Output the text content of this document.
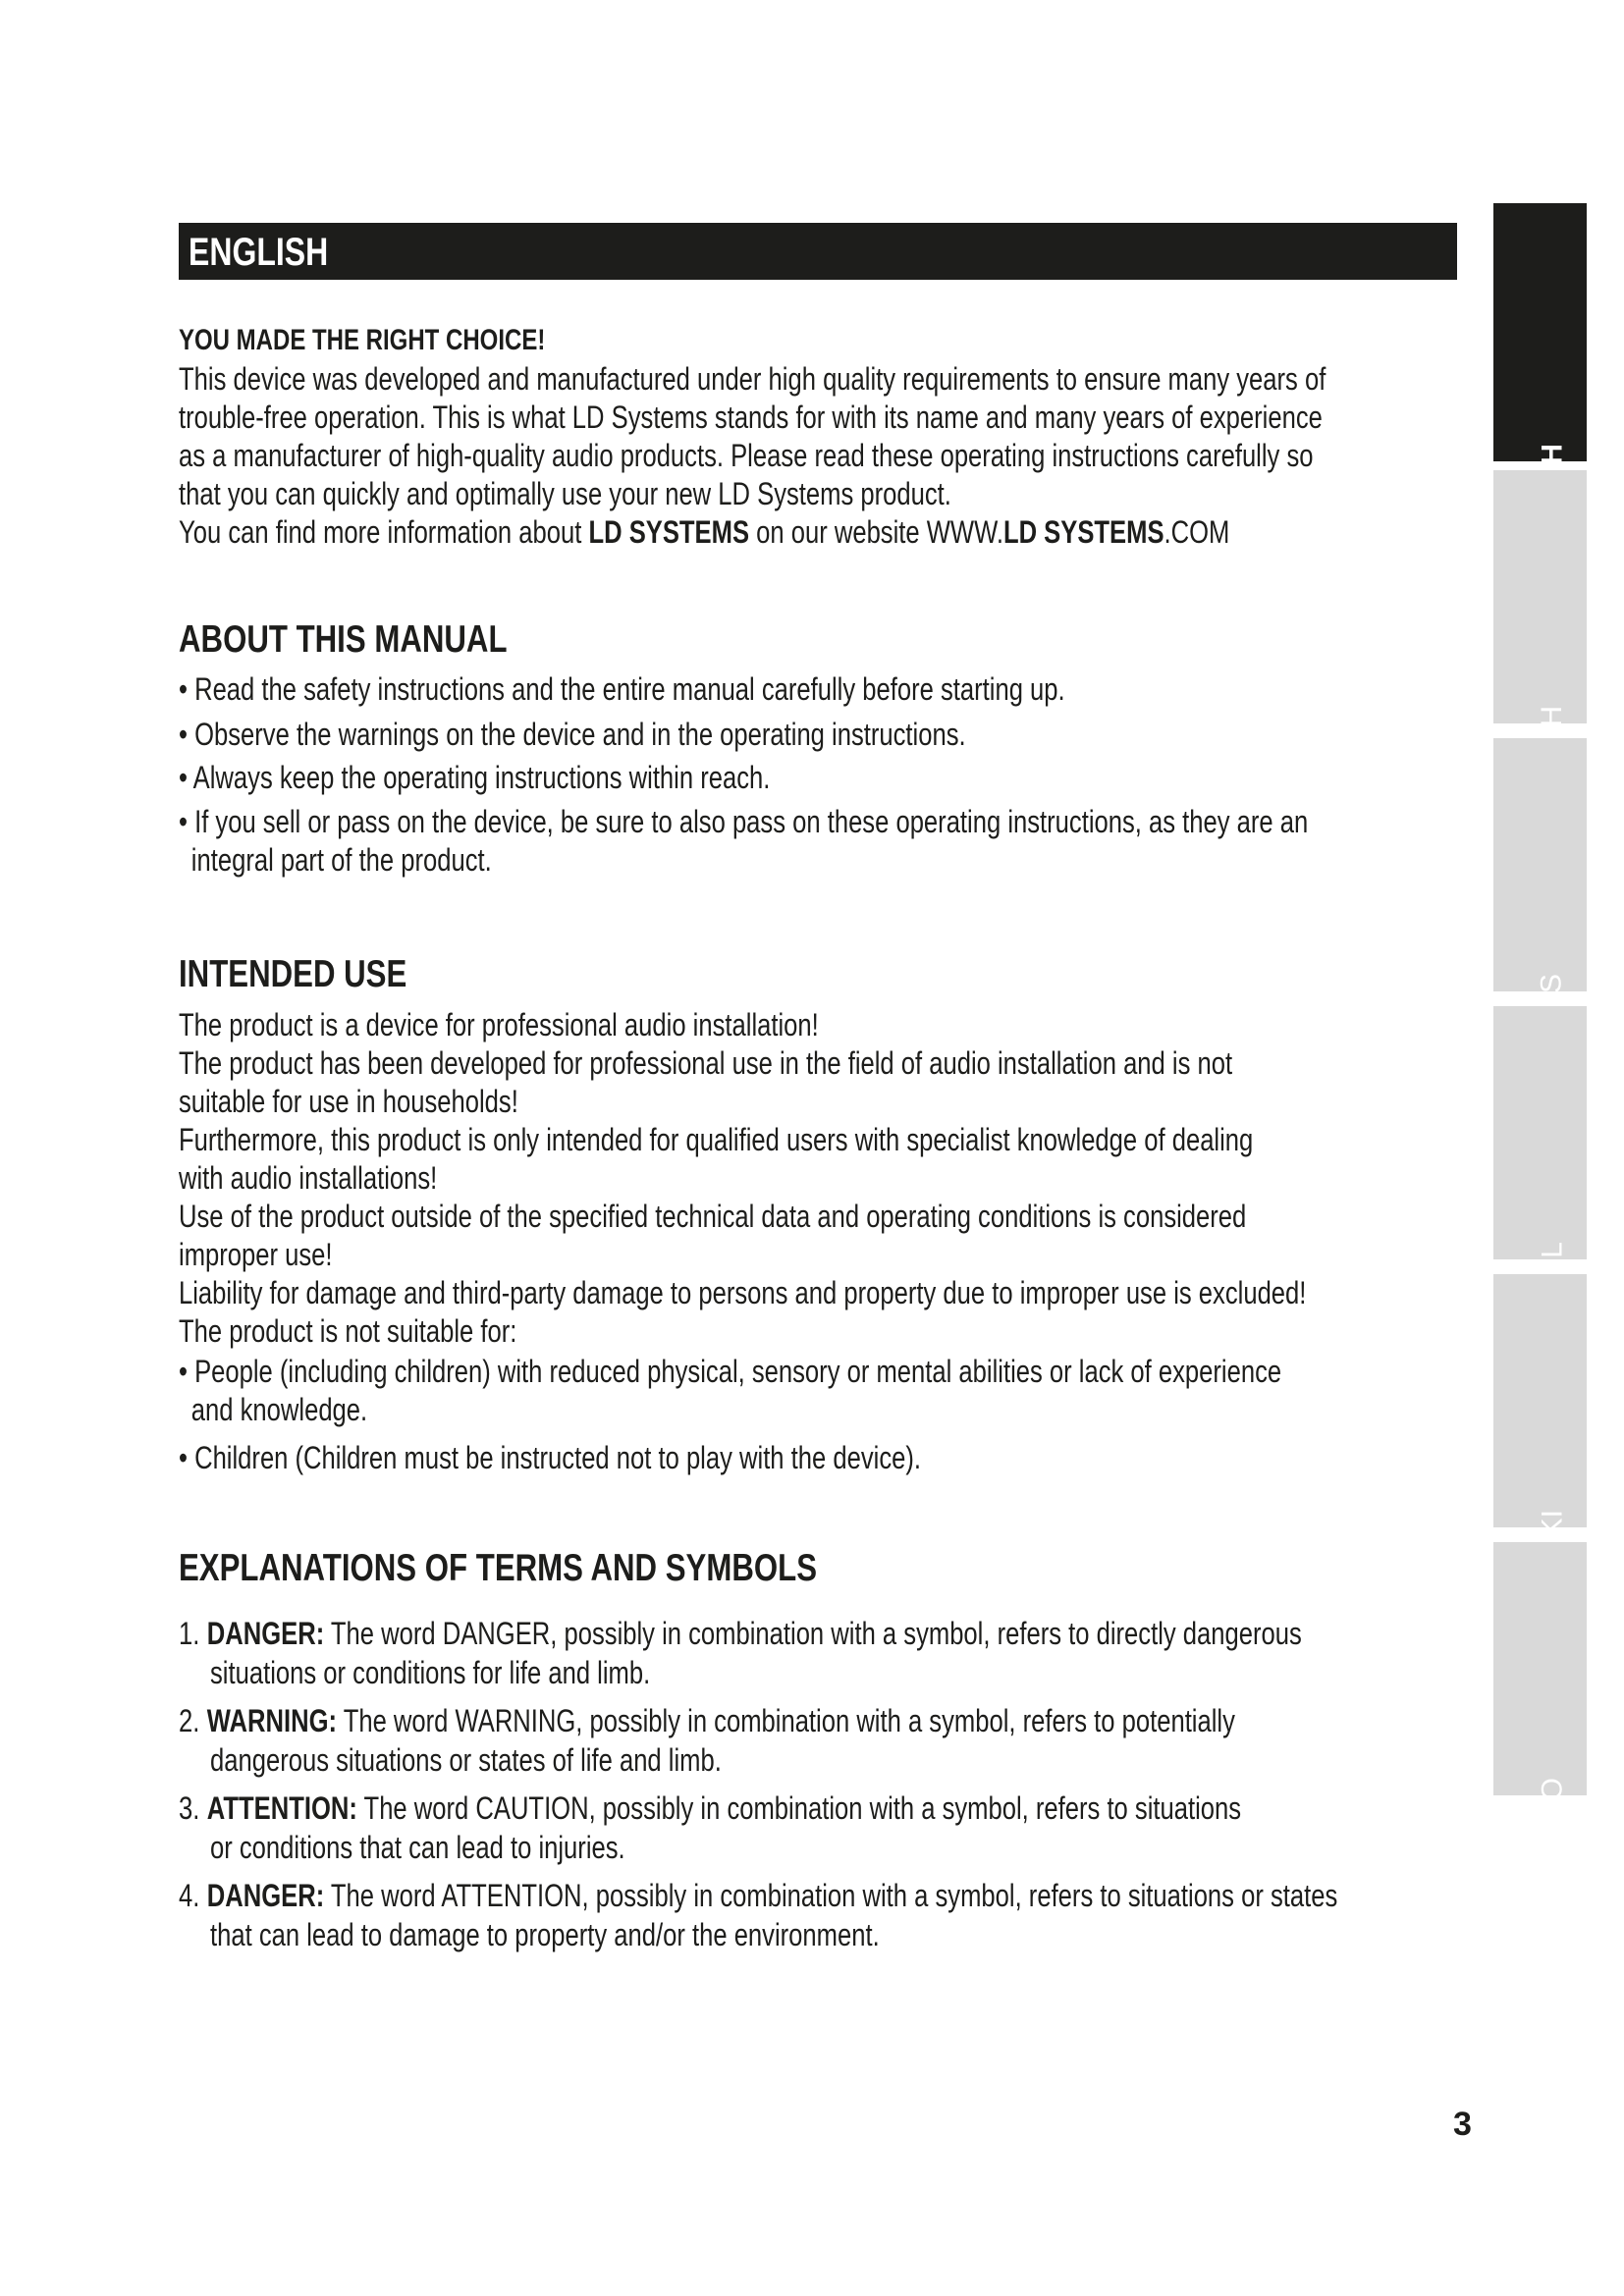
ENGLISH
YOU MADE THE RIGHT CHOICE!
This device was developed and manufactured under high quality requirements to ensure many years of
trouble-free operation. This is what LD Systems stands for with its name and many years of experience
as a manufacturer of high-quality audio products. Please read these operating instructions carefully so
that you can quickly and optimally use your new LD Systems product.
You can find more information about LD SYSTEMS on our website WWW.LD SYSTEMS.COM
ABOUT THIS MANUAL
• Read the safety instructions and the entire manual carefully before starting up.
• Observe the warnings on the device and in the operating instructions.
• Always keep the operating instructions within reach.
• If you sell or pass on the device, be sure to also pass on these operating instructions, as they are an
integral part of the product.
INTENDED USE
The product is a device for professional audio installation!
The product has been developed for professional use in the field of audio installation and is not
suitable for use in households!
Furthermore, this product is only intended for qualified users with specialist knowledge of dealing
with audio installations!
Use of the product outside of the specified technical data and operating conditions is considered
improper use!
Liability for damage and third-party damage to persons and property due to improper use is excluded!
The product is not suitable for:
• People (including children) with reduced physical, sensory or mental abilities or lack of experience
and knowledge.
• Children (Children must be instructed not to play with the device).
EXPLANATIONS OF TERMS AND SYMBOLS
1. DANGER: The word DANGER, possibly in combination with a symbol, refers to directly dangerous
situations or conditions for life and limb.
2. WARNING: The word WARNING, possibly in combination with a symbol, refers to potentially
dangerous situations or states of life and limb.
3. ATTENTION: The word CAUTION, possibly in combination with a symbol, refers to situations
or conditions that can lead to injuries.
4. DANGER: The word ATTENTION, possibly in combination with a symbol, refers to situations or states
that can lead to damage to property and/or the environment.
ITALIANO
3
